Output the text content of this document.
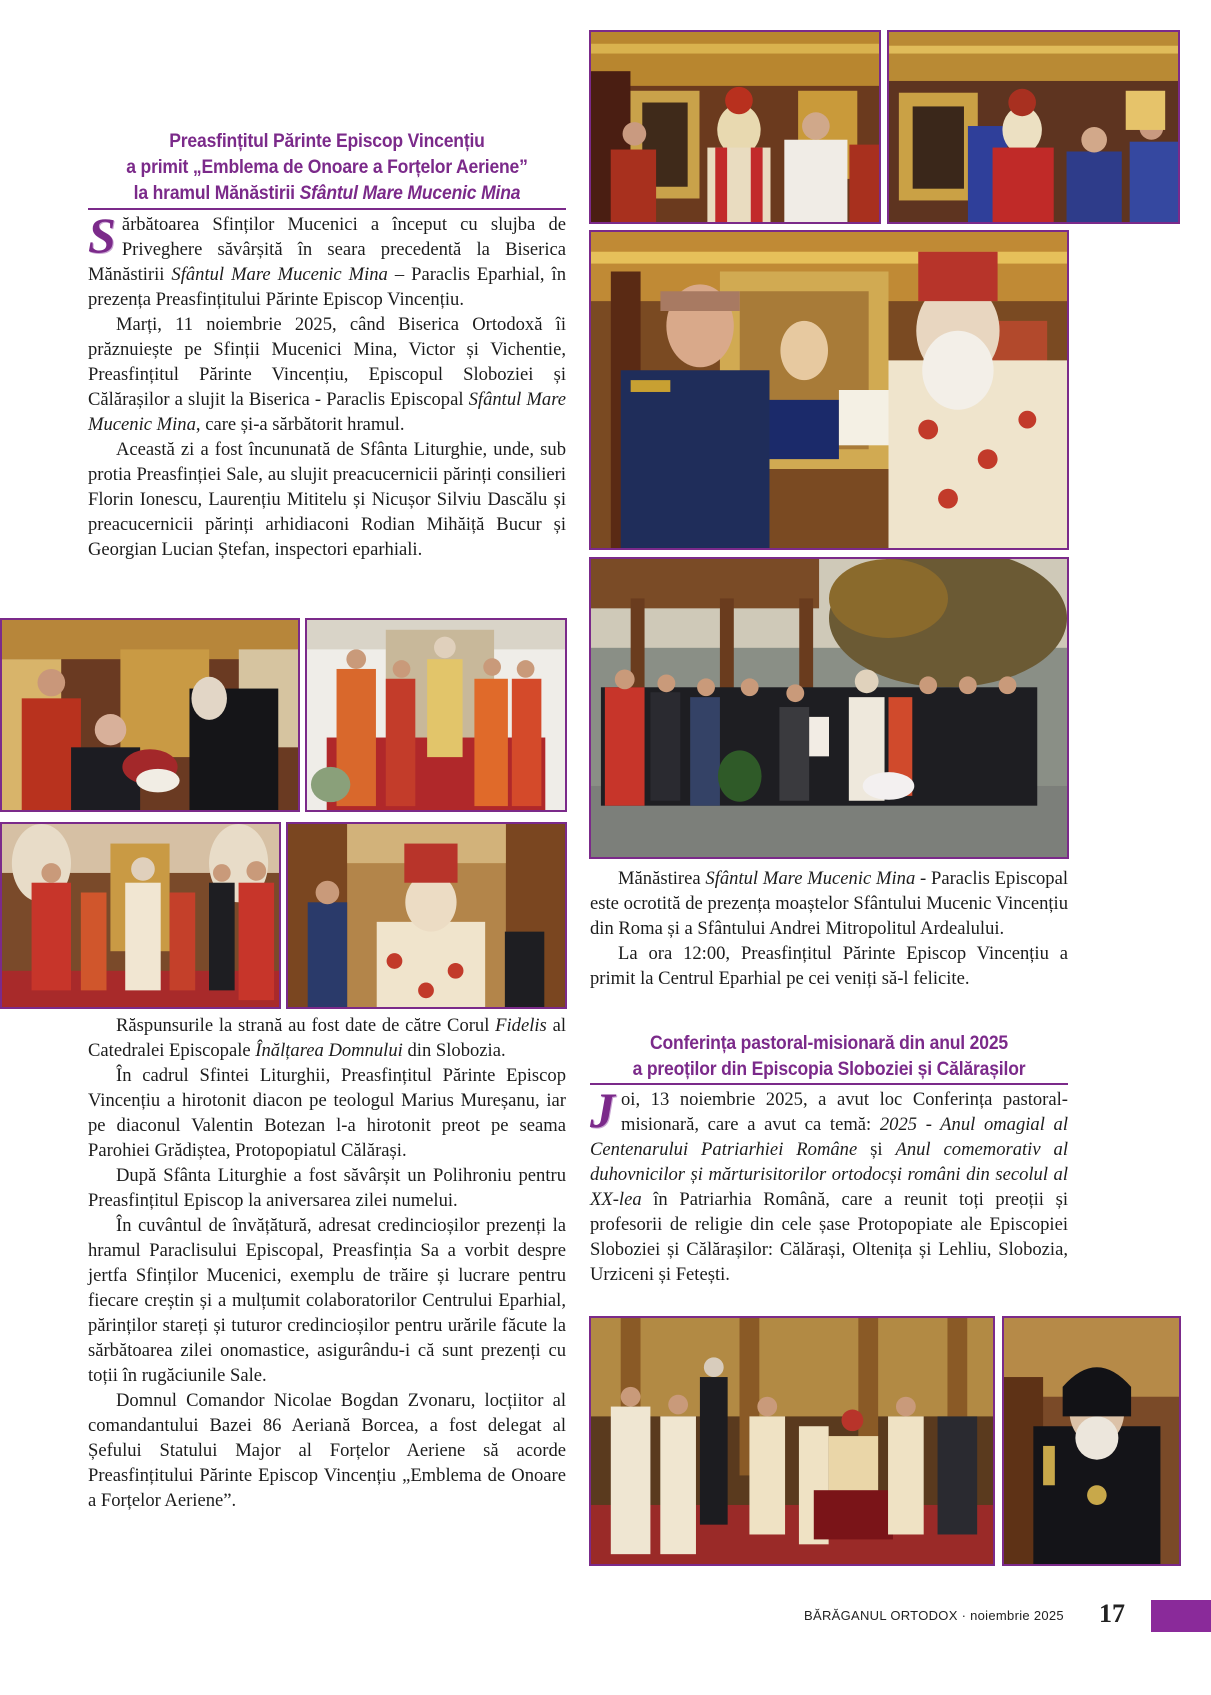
Preasfințitul Părinte Episcop Vincențiu
a primit „Emblema de Onoare a Forțelor Aeriene”
la hramul Mănăstirii Sfântul Mare Mucenic Mina

Sărbătoarea Sfinților Mucenici a început cu slujba de Priveghere săvârșită în seara precedentă la Biserica Mănăstirii Sfântul Mare Mucenic Mina – Paraclis Eparhial, în prezența Preasfințitului Părinte Episcop Vincențiu.

Marți, 11 noiembrie 2025, când Biserica Ortodoxă îi prăznuiește pe Sfinții Mucenici Mina, Victor și Vichentie, Preasfințitul Părinte Vincențiu, Episcopul Sloboziei și Călărașilor a slujit la Biserica - Paraclis Episcopal Sfântul Mare Mucenic Mina, care și-a sărbătorit hramul.

Această zi a fost încununată de Sfânta Liturghie, unde, sub protia Preasfinției Sale, au slujit preacucernicii părinți consilieri Florin Ionescu, Laurențiu Mititelu și Nicușor Silviu Dascălu și preacucernicii părinți arhidiaconi Rodian Mihăiță Bucur și Georgian Lucian Ștefan, inspectori eparhiali.

Răspunsurile la strană au fost date de către Corul Fidelis al Catedralei Episcopale Înălțarea Domnului din Slobozia.

În cadrul Sfintei Liturghii, Preasfințitul Părinte Episcop Vincențiu a hirotonit diacon pe teologul Marius Mureșanu, iar pe diaconul Valentin Botezan l-a hirotonit preot pe seama Parohiei Grădiștea, Protopopiatul Călărași.

După Sfânta Liturghie a fost săvârșit un Polihroniu pentru Preasfințitul Episcop la aniversarea zilei numelui.

În cuvântul de învățătură, adresat credincioșilor prezenți la hramul Paraclisului Episcopal, Preasfinția Sa a vorbit despre jertfa Sfinților Mucenici, exemplu de trăire și lucrare pentru fiecare creștin și a mulțumit colaboratorilor Centrului Eparhial, părinților stareți și tuturor credincioșilor pentru urările făcute la sărbătoarea zilei onomastice, asigurându-i că sunt prezenți cu toții în rugăciunile Sale.

Domnul Comandor Nicolae Bogdan Zvonaru, locțiitor al comandantului Bazei 86 Aeriană Borcea, a fost delegat al Șefului Statului Major al Forțelor Aeriene să acorde Preasfințitului Părinte Episcop Vincențiu „Emblema de Onoare a Forțelor Aeriene”.

Mănăstirea Sfântul Mare Mucenic Mina - Paraclis Episcopal este ocrotită de prezența moaștelor Sfântului Mucenic Vincențiu din Roma și a Sfântului Andrei Mitropolitul Ardealului.

La ora 12:00, Preasfințitul Părinte Episcop Vincențiu a primit la Centrul Eparhial pe cei veniți să-l felicite.

Conferința pastoral-misionară din anul 2025
a preoților din Episcopia Sloboziei și Călărașilor

Joi, 13 noiembrie 2025, a avut loc Conferința pastoral-misionară, care a avut ca temă: 2025 - Anul omagial al Centenarului Patriarhiei Române și Anul comemorativ al duhovnicilor și mărturisitorilor ortodocși români din secolul al XX-lea în Patriarhia Română, care a reunit toți preoții și profesorii de religie din cele șase Protopopiate ale Episcopiei Sloboziei și Călărașilor: Călărași, Oltenița și Lehliu, Slobozia, Urziceni și Fetești.

BĂRĂGANUL ORTODOX · noiembrie 2025 17
